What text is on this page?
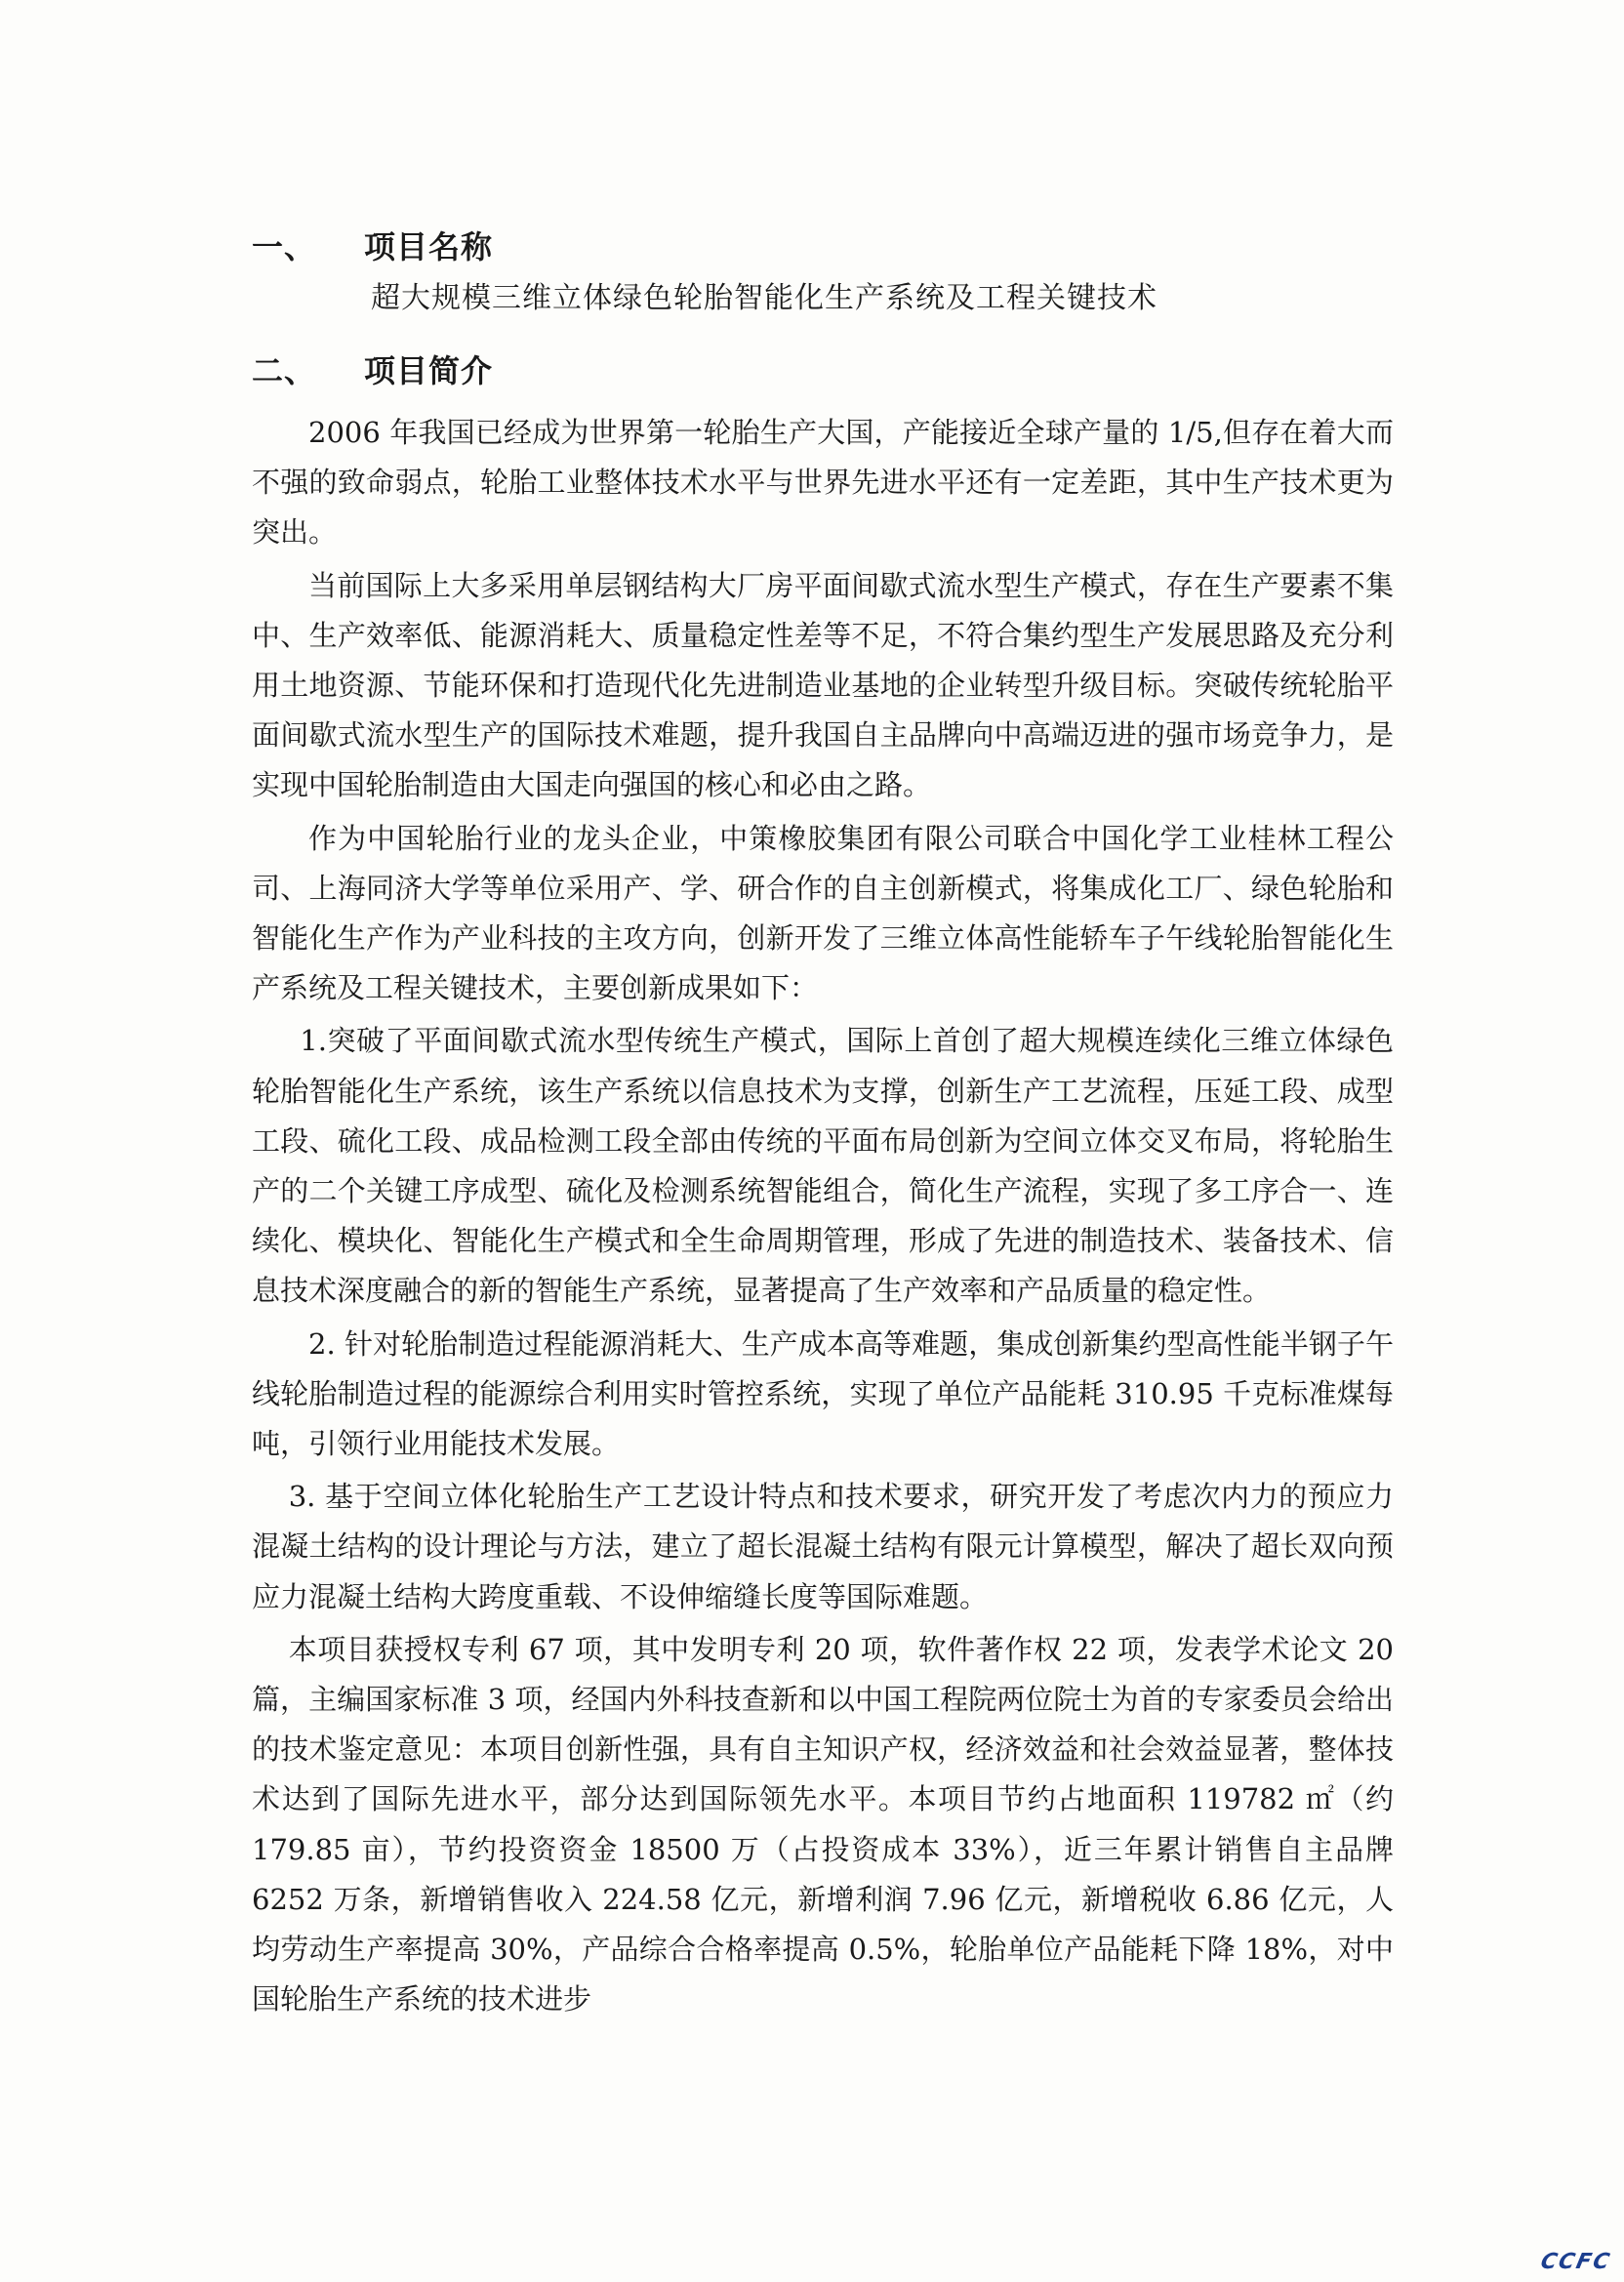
一、 项目名称
超大规模三维立体绿色轮胎智能化生产系统及工程关键技术
二、 项目简介

2006 年我国已经成为世界第一轮胎生产大国，产能接近全球产量的 1/5,但存在着大而不强的致命弱点，轮胎工业整体技术水平与世界先进水平还有一定差距，其中生产技术更为突出。

当前国际上大多采用单层钢结构大厂房平面间歇式流水型生产模式，存在生产要素不集中、生产效率低、能源消耗大、质量稳定性差等不足，不符合集约型生产发展思路及充分利用土地资源、节能环保和打造现代化先进制造业基地的企业转型升级目标。突破传统轮胎平面间歇式流水型生产的国际技术难题，提升我国自主品牌向中高端迈进的强市场竞争力，是实现中国轮胎制造由大国走向强国的核心和必由之路。

作为中国轮胎行业的龙头企业，中策橡胶集团有限公司联合中国化学工业桂林工程公司、上海同济大学等单位采用产、学、研合作的自主创新模式，将集成化工厂、绿色轮胎和智能化生产作为产业科技的主攻方向，创新开发了三维立体高性能轿车子午线轮胎智能化生产系统及工程关键技术，主要创新成果如下：

1.突破了平面间歇式流水型传统生产模式，国际上首创了超大规模连续化三维立体绿色轮胎智能化生产系统，该生产系统以信息技术为支撑，创新生产工艺流程，压延工段、成型工段、硫化工段、成品检测工段全部由传统的平面布局创新为空间立体交叉布局，将轮胎生产的二个关键工序成型、硫化及检测系统智能组合，简化生产流程，实现了多工序合一、连续化、模块化、智能化生产模式和全生命周期管理，形成了先进的制造技术、装备技术、信息技术深度融合的新的智能生产系统，显著提高了生产效率和产品质量的稳定性。

2. 针对轮胎制造过程能源消耗大、生产成本高等难题，集成创新集约型高性能半钢子午线轮胎制造过程的能源综合利用实时管控系统，实现了单位产品能耗 310.95 千克标准煤每吨，引领行业用能技术发展。

3. 基于空间立体化轮胎生产工艺设计特点和技术要求，研究开发了考虑次内力的预应力混凝土结构的设计理论与方法，建立了超长混凝土结构有限元计算模型，解决了超长双向预应力混凝土结构大跨度重载、不设伸缩缝长度等国际难题。

本项目获授权专利 67 项，其中发明专利 20 项，软件著作权 22 项，发表学术论文 20 篇，主编国家标准 3 项，经国内外科技查新和以中国工程院两位院士为首的专家委员会给出的技术鉴定意见：本项目创新性强，具有自主知识产权，经济效益和社会效益显著，整体技术达到了国际先进水平，部分达到国际领先水平。本项目节约占地面积 119782 ㎡（约 179.85 亩），节约投资资金 18500 万（占投资成本 33%），近三年累计销售自主品牌 6252 万条，新增销售收入 224.58 亿元，新增利润 7.96 亿元，新增税收 6.86 亿元，人均劳动生产率提高 30%，产品综合合格率提高 0.5%，轮胎单位产品能耗下降 18%，对中国轮胎生产系统的技术进步

CCFC
